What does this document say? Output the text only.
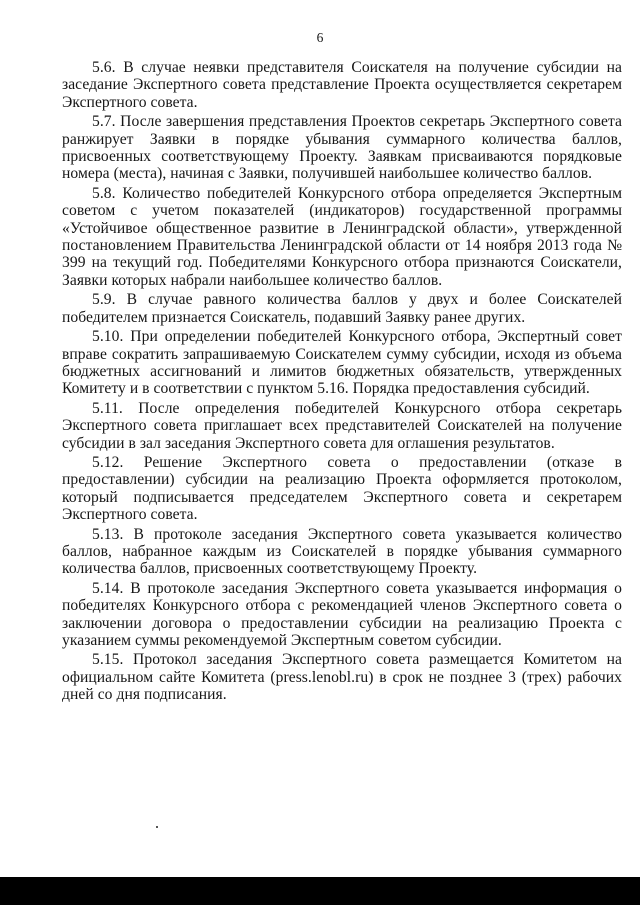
6

5.6. В случае неявки представителя Соискателя на получение субсидии на заседание Экспертного совета представление Проекта осуществляется секретарем Экспертного совета.

5.7. После завершения представления Проектов секретарь Экспертного совета ранжирует Заявки в порядке убывания суммарного количества баллов, присвоенных соответствующему Проекту. Заявкам присваиваются порядковые номера (места), начиная с Заявки, получившей наибольшее количество баллов.

5.8. Количество победителей Конкурсного отбора определяется Экспертным советом с учетом показателей (индикаторов) государственной программы «Устойчивое общественное развитие в Ленинградской области», утвержденной постановлением Правительства Ленинградской области от 14 ноября 2013 года № 399 на текущий год. Победителями Конкурсного отбора признаются Соискатели, Заявки которых набрали наибольшее количество баллов.

5.9. В случае равного количества баллов у двух и более Соискателей победителем признается Соискатель, подавший Заявку ранее других.

5.10. При определении победителей Конкурсного отбора, Экспертный совет вправе сократить запрашиваемую Соискателем сумму субсидии, исходя из объема бюджетных ассигнований и лимитов бюджетных обязательств, утвержденных Комитету и в соответствии с пунктом 5.16. Порядка предоставления субсидий.

5.11. После определения победителей Конкурсного отбора секретарь Экспертного совета приглашает всех представителей Соискателей на получение субсидии в зал заседания Экспертного совета для оглашения результатов.

5.12. Решение Экспертного совета о предоставлении (отказе в предоставлении) субсидии на реализацию Проекта оформляется протоколом, который подписывается председателем Экспертного совета и секретарем Экспертного совета.

5.13. В протоколе заседания Экспертного совета указывается количество баллов, набранное каждым из Соискателей в порядке убывания суммарного количества баллов, присвоенных соответствующему Проекту.

5.14. В протоколе заседания Экспертного совета указывается информация о победителях Конкурсного отбора с рекомендацией членов Экспертного совета о заключении договора о предоставлении субсидии на реализацию Проекта с указанием суммы рекомендуемой Экспертным советом субсидии.

5.15. Протокол заседания Экспертного совета размещается Комитетом на официальном сайте Комитета (press.lenobl.ru) в срок не позднее 3 (трех) рабочих дней со дня подписания.
